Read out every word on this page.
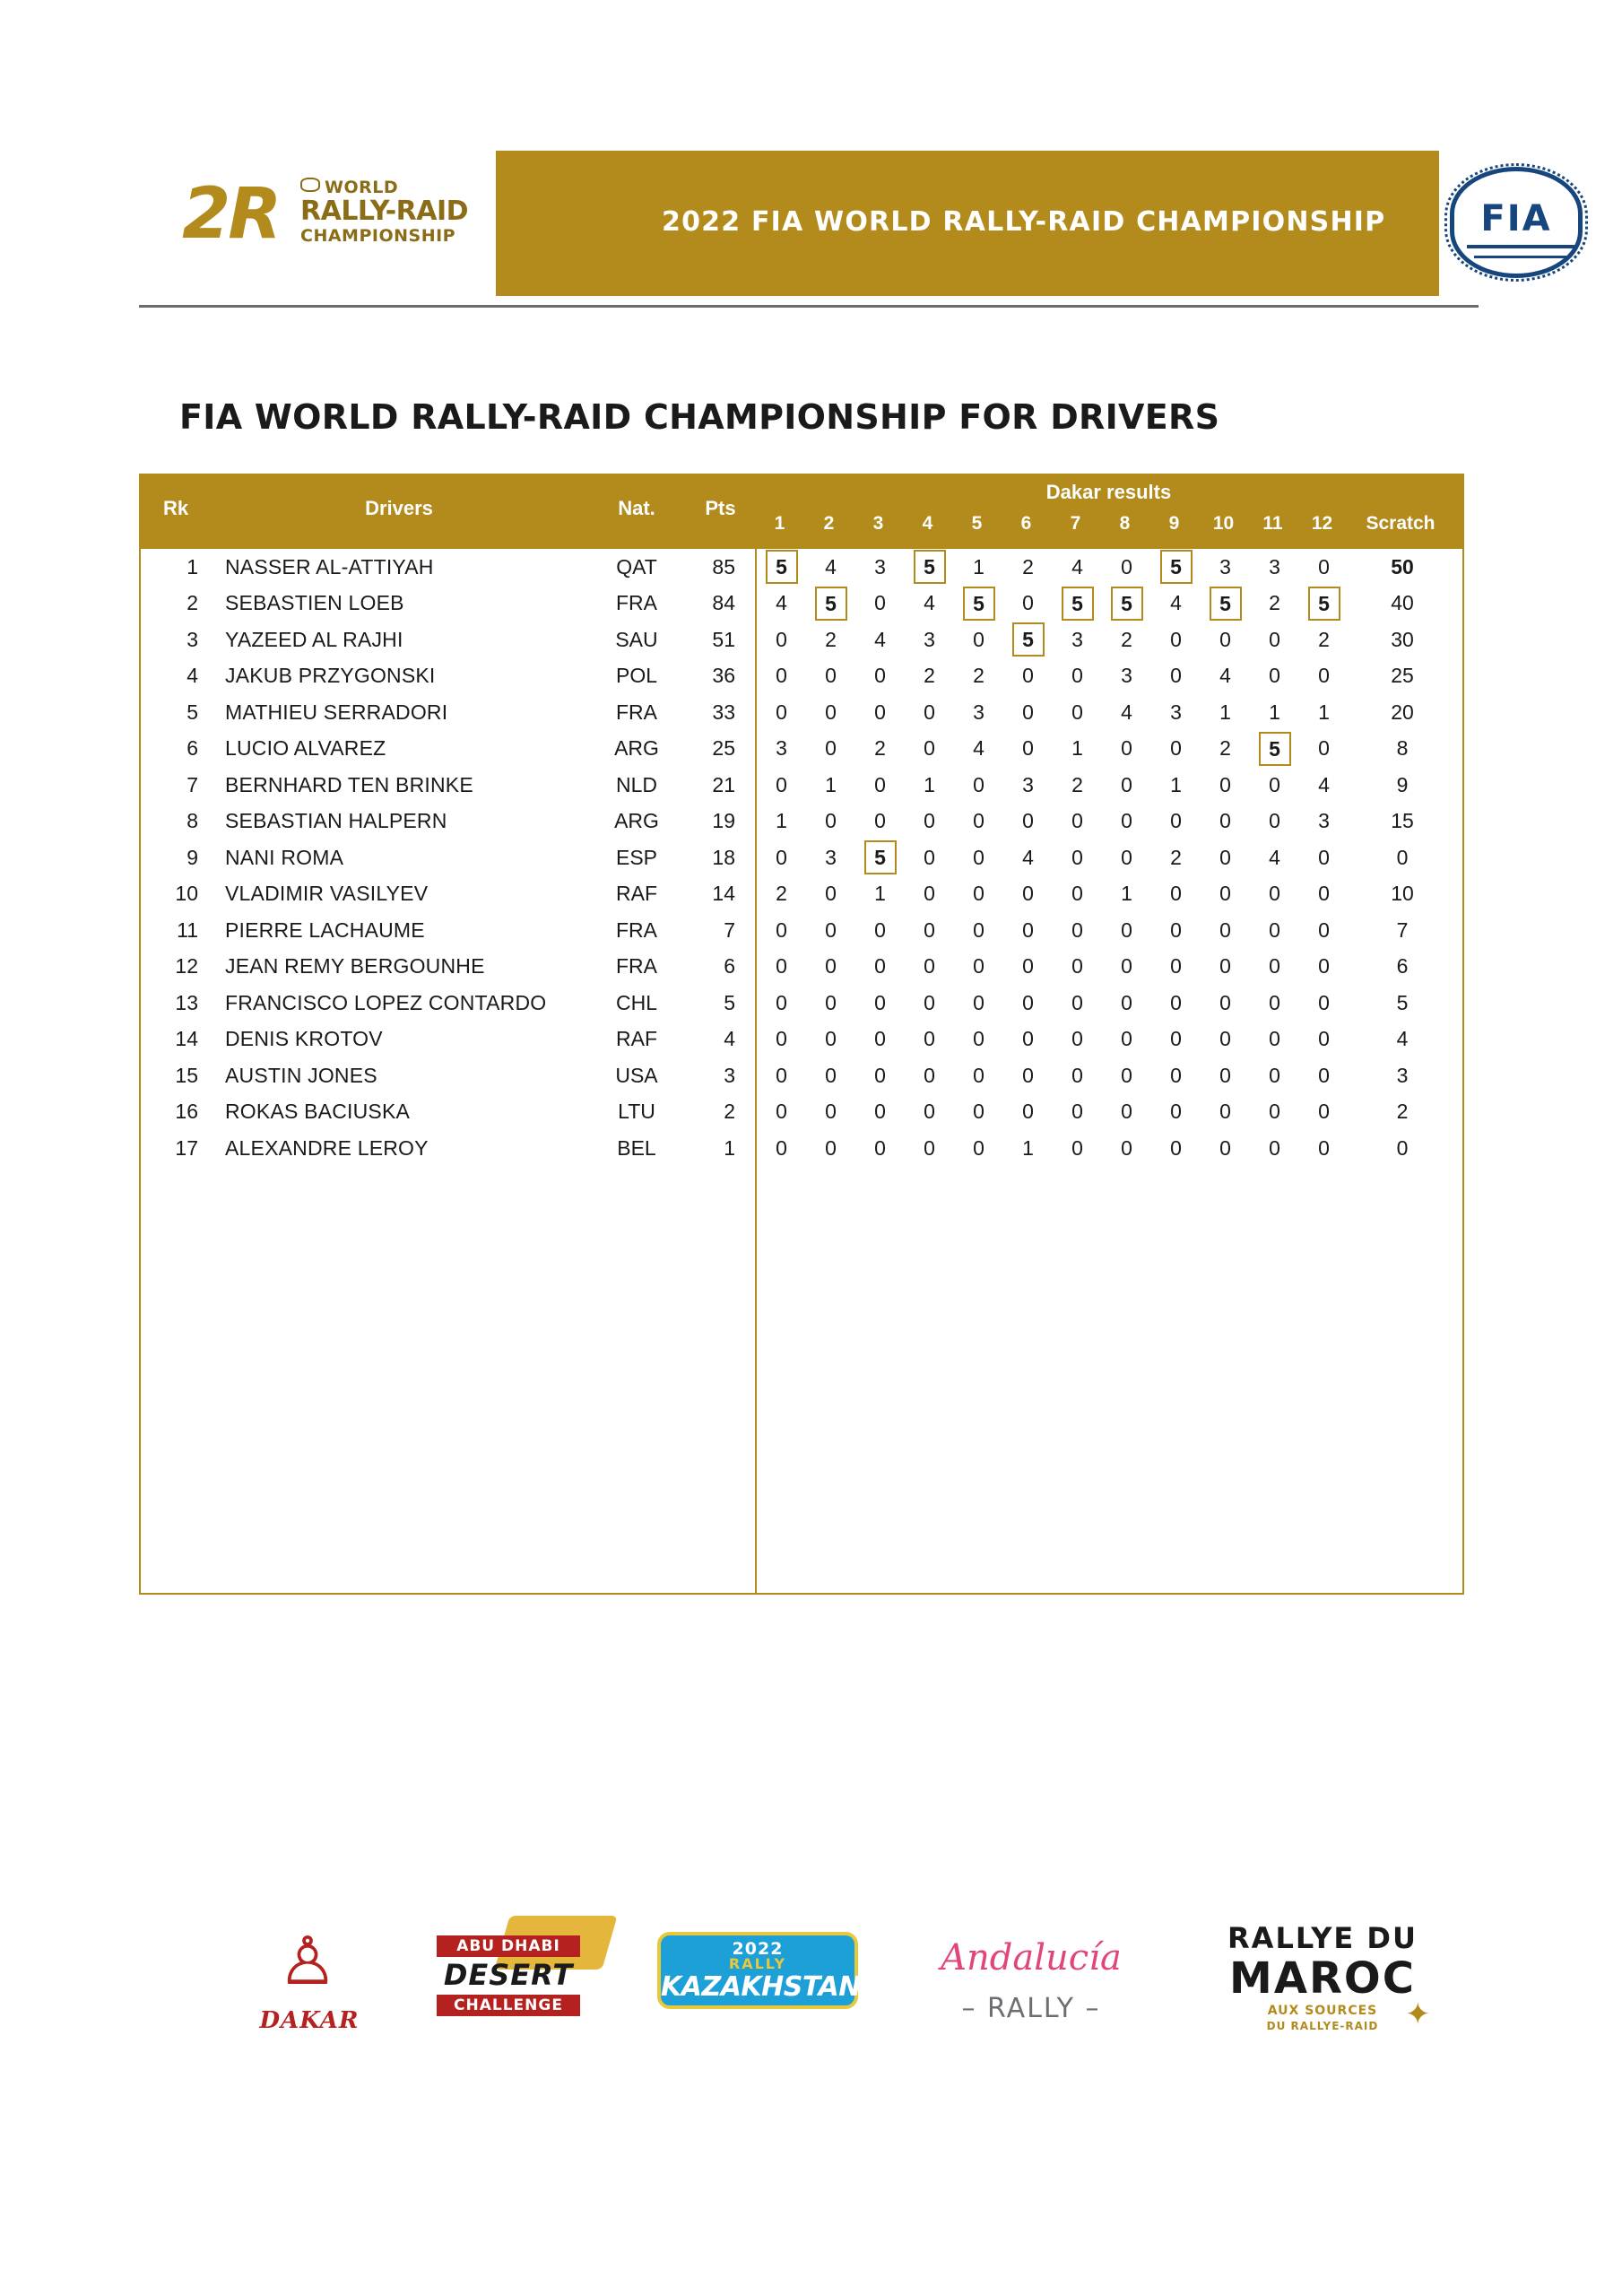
2R	WORLD
RALLY-RAID
CHAMPIONSHIP	2022 FIA WORLD RALLY-RAID CHAMPIONSHIP	FIA
FIA WORLD RALLY-RAID CHAMPIONSHIP FOR DRIVERS
Rk	Drivers	Nat.	Pts
Dakar results
1	2	3	4	5	6	7	8	9	10	11	12	Scratch
1	NASSER AL-ATTIYAH	QAT	85	5	4	3	5	1	2	4	0	5	3	3	0	50
2	SEBASTIEN LOEB	FRA	84	4	5	0	4	5	0	5	5	4	5	2	5	40
3	YAZEED AL RAJHI	SAU	51	0	2	4	3	0	5	3	2	0	0	0	2	30
4	JAKUB PRZYGONSKI	POL	36	0	0	0	2	2	0	0	3	0	4	0	0	25
5	MATHIEU SERRADORI	FRA	33	0	0	0	0	3	0	0	4	3	1	1	1	20
6	LUCIO ALVAREZ	ARG	25	3	0	2	0	4	0	1	0	0	2	5	0	8
7	BERNHARD TEN BRINKE	NLD	21	0	1	0	1	0	3	2	0	1	0	0	4	9
8	SEBASTIAN HALPERN	ARG	19	1	0	0	0	0	0	0	0	0	0	0	3	15
9	NANI ROMA	ESP	18	0	3	5	0	0	4	0	0	2	0	4	0	0
10	VLADIMIR VASILYEV	RAF	14	2	0	1	0	0	0	0	1	0	0	0	0	10
11	PIERRE LACHAUME	FRA	7	0	0	0	0	0	0	0	0	0	0	0	0	7
12	JEAN REMY BERGOUNHE	FRA	6	0	0	0	0	0	0	0	0	0	0	0	0	6
13	FRANCISCO LOPEZ CONTARDO	CHL	5	0	0	0	0	0	0	0	0	0	0	0	0	5
14	DENIS KROTOV	RAF	4	0	0	0	0	0	0	0	0	0	0	0	0	4
15	AUSTIN JONES	USA	3	0	0	0	0	0	0	0	0	0	0	0	0	3
16	ROKAS BACIUSKA	LTU	2	0	0	0	0	0	0	0	0	0	0	0	0	2
17	ALEXANDRE LEROY	BEL	1	0	0	0	0	0	1	0	0	0	0	0	0	0
♙
DAKAR
ABU DHABI
DESERT
CHALLENGE
2022
RALLY
KAZAKHSTAN
Andalucía
– RALLY –
RALLYE DU
MAROC
AUX SOURCES
DU RALLYE-RAID ✦
